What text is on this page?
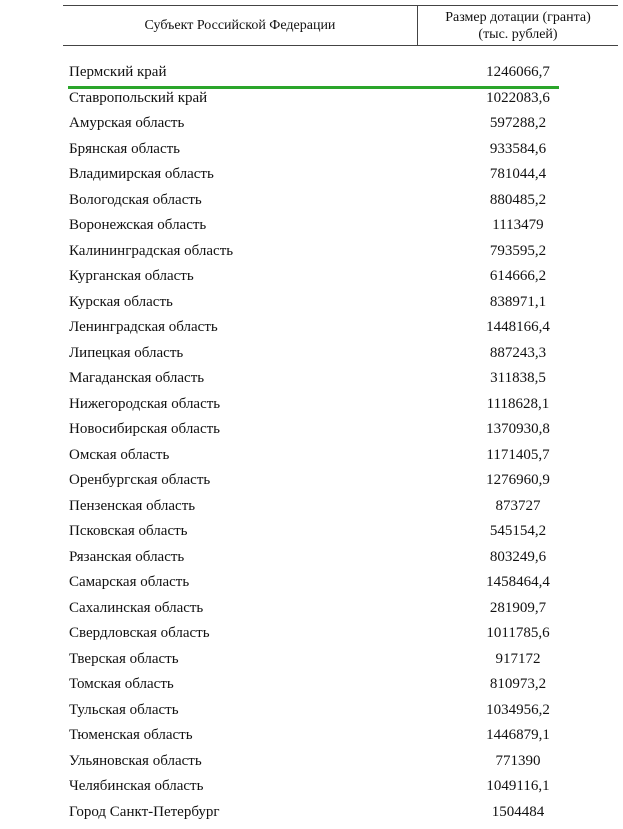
Субъект Российской Федерации
Размер дотации (гранта)
(тыс. рублей)
Пермский край	1246066,7
Ставропольский край	1022083,6
Амурская область	597288,2
Брянская область	933584,6
Владимирская область	781044,4
Вологодская область	880485,2
Воронежская область	1113479
Калининградская область	793595,2
Курганская область	614666,2
Курская область	838971,1
Ленинградская область	1448166,4
Липецкая область	887243,3
Магаданская область	311838,5
Нижегородская область	1118628,1
Новосибирская область	1370930,8
Омская область	1171405,7
Оренбургская область	1276960,9
Пензенская область	873727
Псковская область	545154,2
Рязанская область	803249,6
Самарская область	1458464,4
Сахалинская область	281909,7
Свердловская область	1011785,6
Тверская область	917172
Томская область	810973,2
Тульская область	1034956,2
Тюменская область	1446879,1
Ульяновская область	771390
Челябинская область	1049116,1
Город Санкт-Петербург	1504484
